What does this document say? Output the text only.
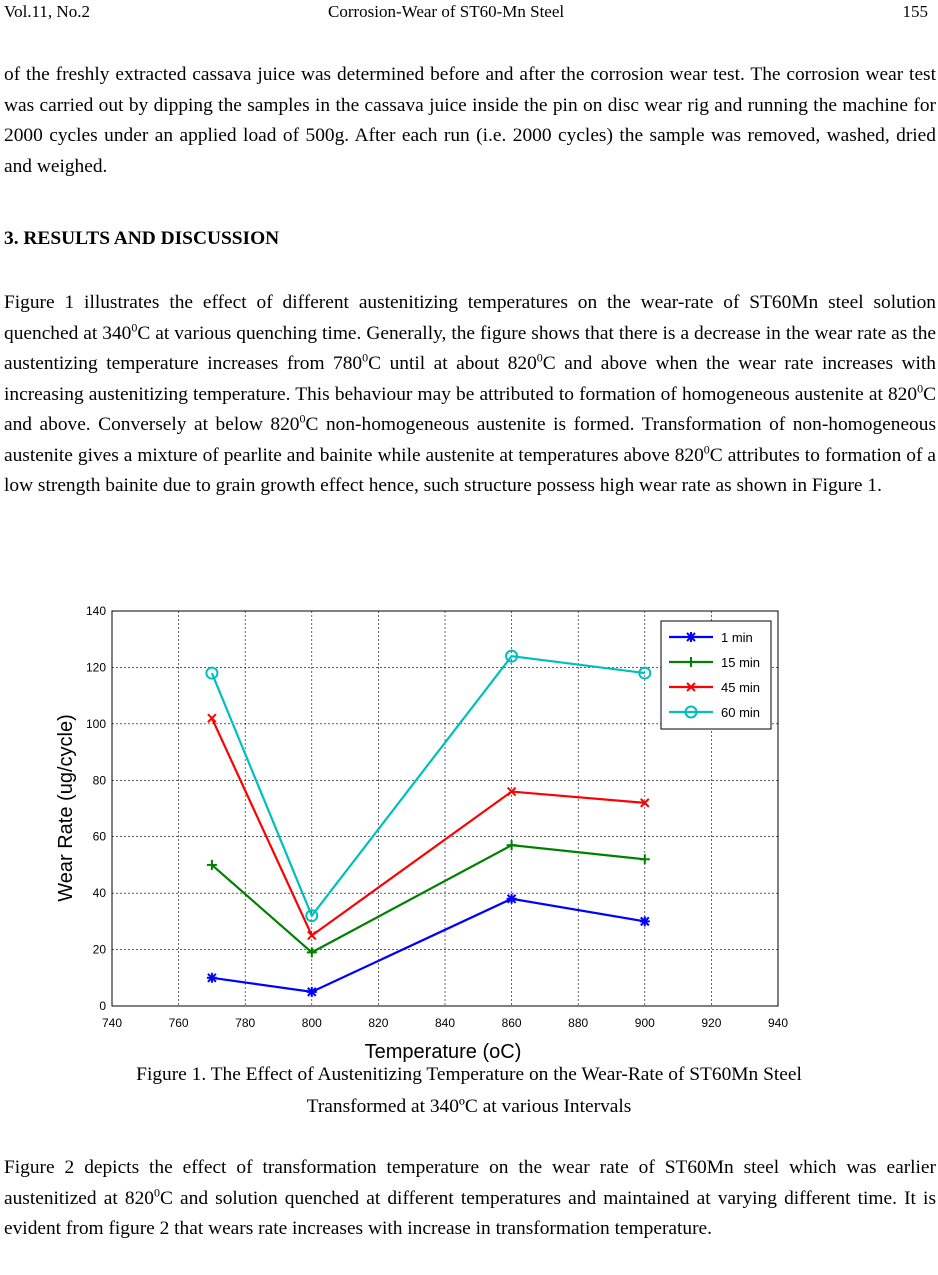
Vol.11, No.2	Corrosion-Wear of ST60-Mn Steel	155

of the freshly extracted cassava juice was determined before and after the corrosion wear test. The corrosion wear test was carried out by dipping the samples in the cassava juice inside the pin on disc wear rig and running the machine for 2000 cycles under an applied load of 500g. After each run (i.e. 2000 cycles) the sample was removed, washed, dried and weighed.

3. RESULTS AND DISCUSSION

Figure 1 illustrates the effect of different austenitizing temperatures on the wear-rate of ST60Mn steel solution quenched at $340^0C$ at various quenching time. Generally, the figure shows that there is a decrease in the wear rate as the austentizing temperature increases from $780^0C$ until at about $820^0C$ and above when the wear rate increases with increasing austenitizing temperature. This behaviour may be attributed to formation of homogeneous austenite at $820^0C$ and above. Conversely at below $820^0C$ non-homogeneous austenite is formed. Transformation of non-homogeneous austenite gives a mixture of pearlite and bainite while austenite at temperatures above $820^0C$ attributes to formation of a low strength bainite due to grain growth effect hence, such structure possess high wear rate as shown in Figure 1.

740	760	780	800	820	840	860	880	900	920	940
0
20
40
60
80
100
120
140
Temperature (oC)
Wear Rate (ug/cycle)
1 min
15 min
45 min
60 min
Figure 1. The Effect of Austenitizing Temperature on the Wear-Rate of ST60Mn Steel
Transformed at 340ºC at various Intervals

Figure 2 depicts the effect of transformation temperature on the wear rate of ST60Mn steel which was earlier austenitized at $820^0C$ and solution quenched at different temperatures and maintained at varying different time. It is evident from figure 2 that wears rate increases with increase in transformation temperature.
